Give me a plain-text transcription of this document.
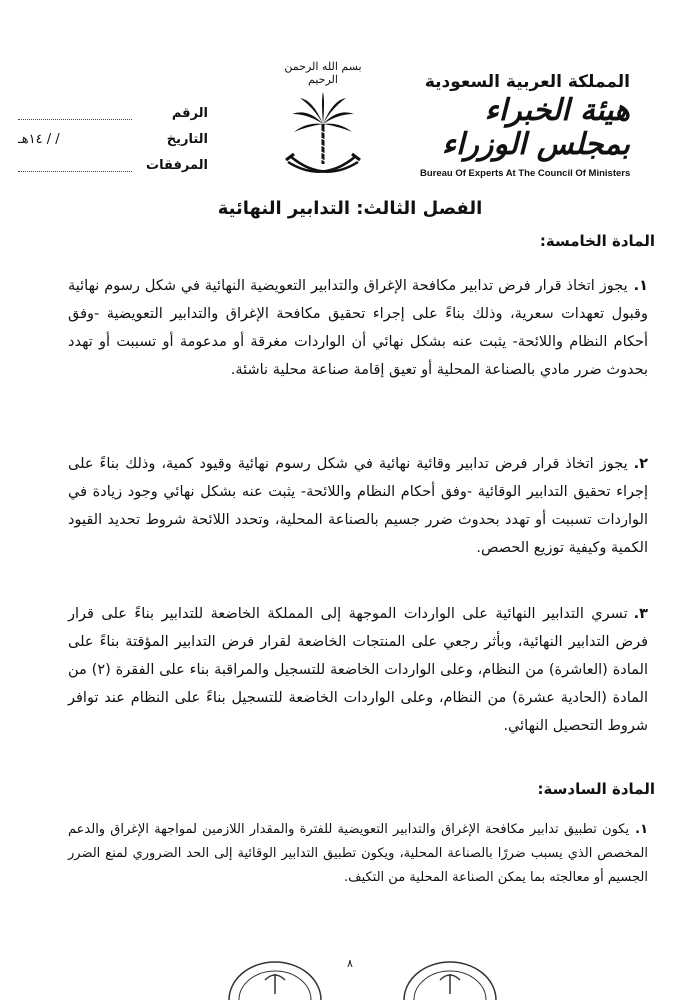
المملكة العربية السعودية
هيئة الخبراء بمجلس الوزراء
Bureau Of Experts At The Council Of Ministers
بسم الله الرحمن الرحيم
الرقم
التاريخ
/ / ١٤هـ
المرفقات
الفصل الثالث: التدابير النهائية
المادة الخامسة:
١.يجوز اتخاذ قرار فرض تدابير مكافحة الإغراق والتدابير التعويضية النهائية في شكل رسوم نهائية وقبول تعهدات سعرية، وذلك بناءً على إجراء تحقيق مكافحة الإغراق والتدابير التعويضية -وفق أحكام النظام واللائحة- يثبت عنه بشكل نهائي أن الواردات مغرقة أو مدعومة أو تسببت أو تهدد بحدوث ضرر مادي بالصناعة المحلية أو تعيق إقامة صناعة محلية ناشئة.
٢.يجوز اتخاذ قرار فرض تدابير وقائية نهائية في شكل رسوم نهائية وقيود كمية، وذلك بناءً على إجراء تحقيق التدابير الوقائية -وفق أحكام النظام واللائحة- يثبت عنه بشكل نهائي وجود زيادة في الواردات تسببت أو تهدد بحدوث ضرر جسيم بالصناعة المحلية، وتحدد اللائحة شروط تحديد القيود الكمية وكيفية توزيع الحصص.
٣.تسري التدابير النهائية على الواردات الموجهة إلى المملكة الخاضعة للتدابير بناءً على قرار فرض التدابير النهائية، وبأثر رجعي على المنتجات الخاضعة لقرار فرض التدابير المؤقتة بناءً على المادة (العاشرة) من النظام، وعلى الواردات الخاضعة للتسجيل والمراقبة بناء على الفقرة (٢) من المادة (الحادية عشرة) من النظام، وعلى الواردات الخاضعة للتسجيل بناءً على النظام عند توافر شروط التحصيل النهائي.
المادة السادسة:
١.يكون تطبيق تدابير مكافحة الإغراق والتدابير التعويضية للفترة والمقدار اللازمين لمواجهة الإغراق والدعم المخصص الذي يسبب ضررًا بالصناعة المحلية، ويكون تطبيق التدابير الوقائية إلى الحد الضروري لمنع الضرر الجسيم أو معالجته بما يمكن الصناعة المحلية من التكيف.
٨
